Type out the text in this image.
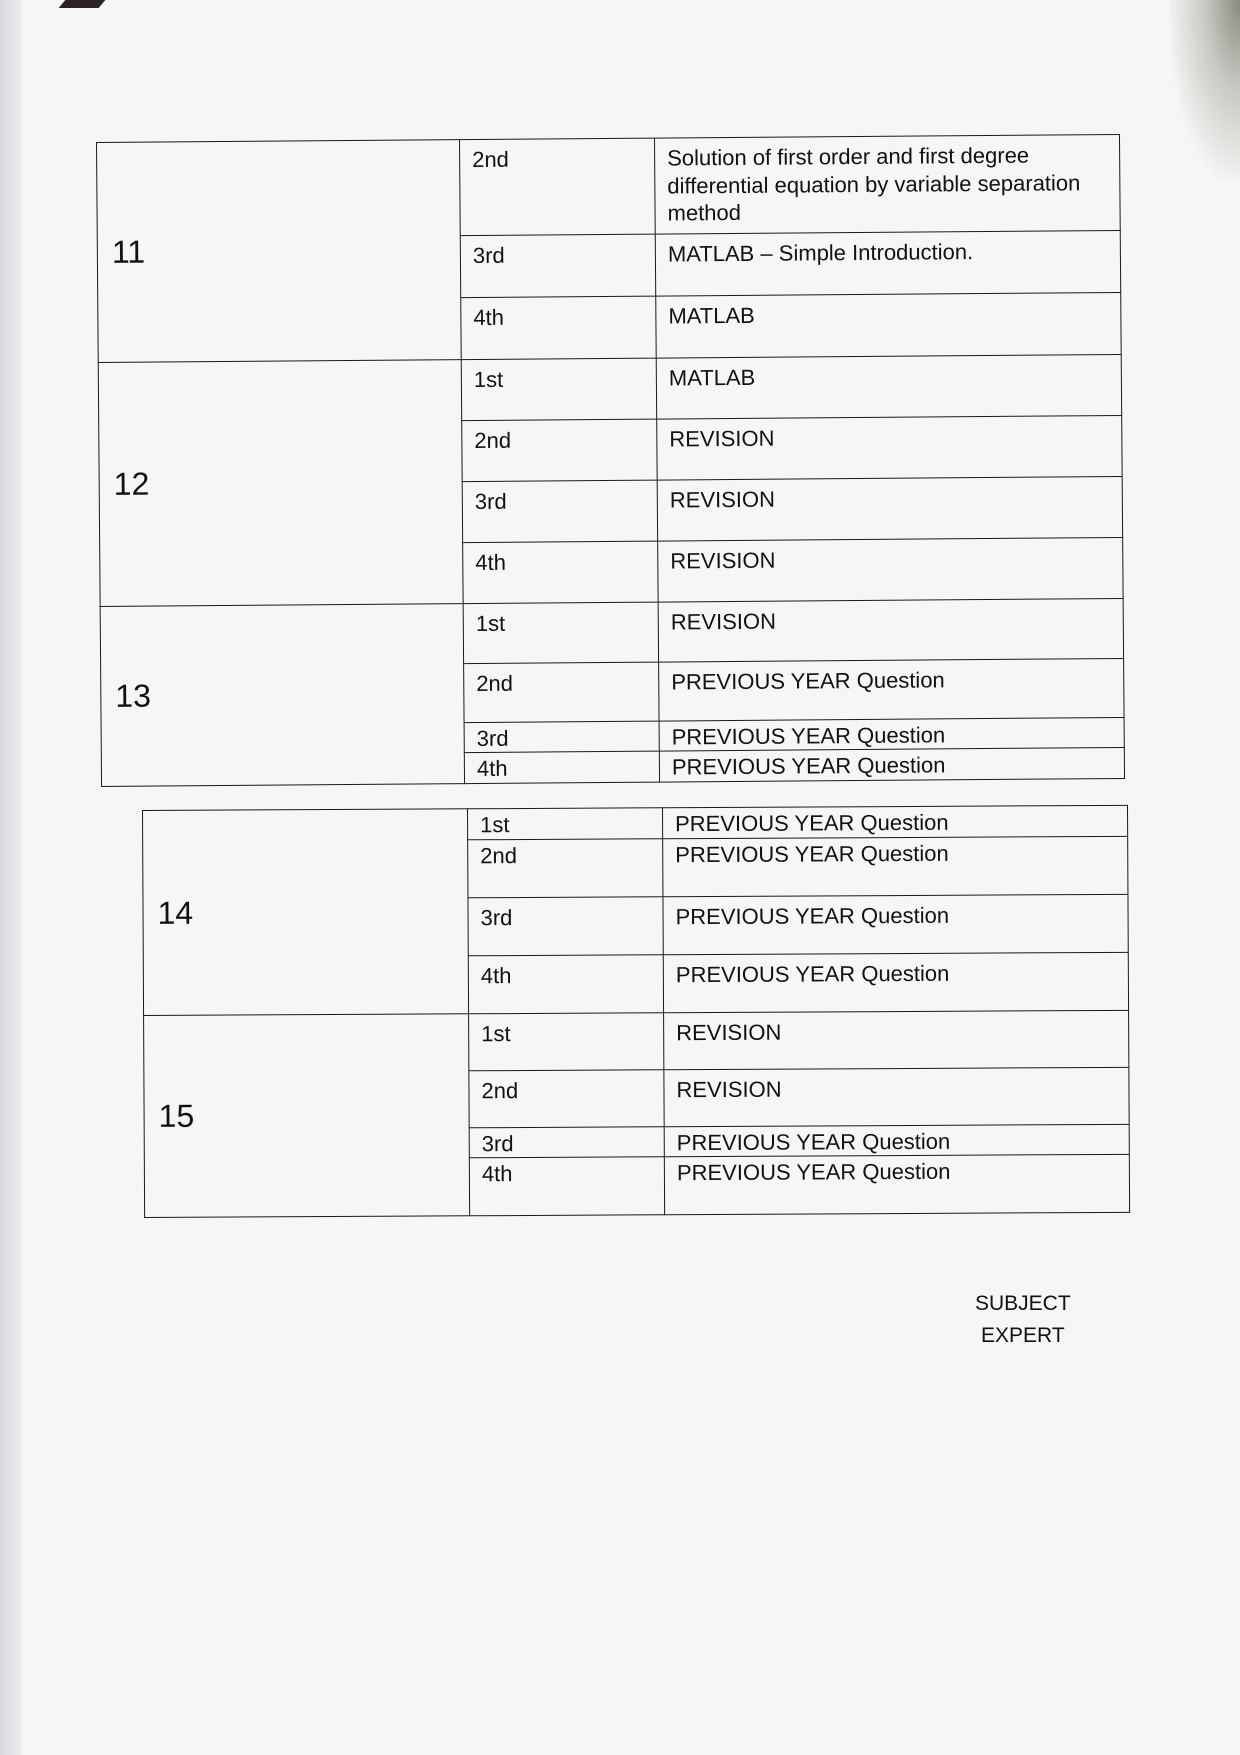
11	2nd	Solution of first order and first degree differential equation by variable separation method
	3rd	MATLAB – Simple Introduction.
	4th	MATLAB
12	1st	MATLAB
	2nd	REVISION
	3rd	REVISION
	4th	REVISION
13	1st	REVISION
	2nd	PREVIOUS YEAR Question
	3rd	PREVIOUS YEAR Question
	4th	PREVIOUS YEAR Question
14	1st	PREVIOUS YEAR Question
	2nd	PREVIOUS YEAR Question
	3rd	PREVIOUS YEAR Question
	4th	PREVIOUS YEAR Question
15	1st	REVISION
	2nd	REVISION
	3rd	PREVIOUS YEAR Question
	4th	PREVIOUS YEAR Question
SUBJECT
EXPERT
